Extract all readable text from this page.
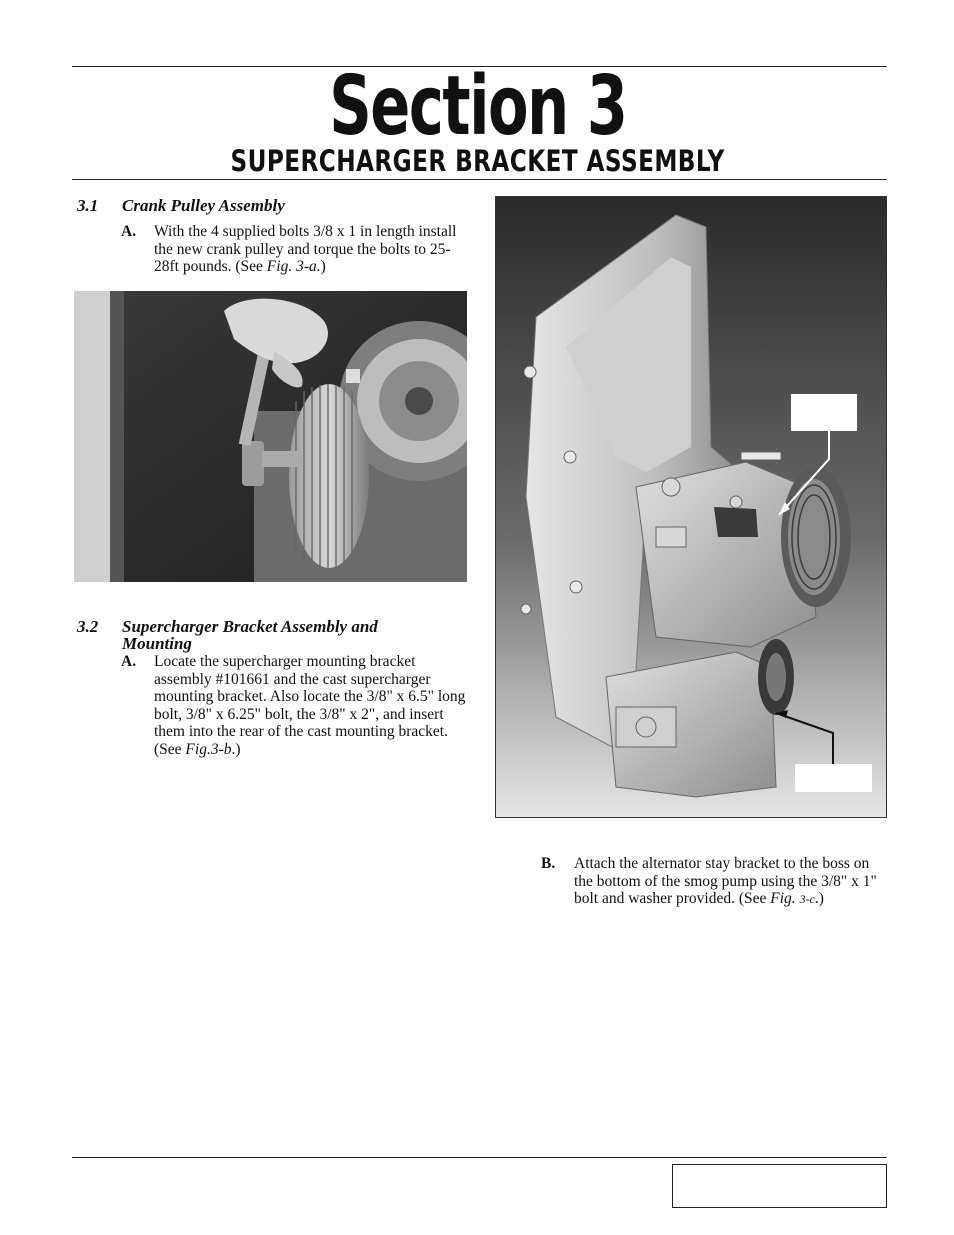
Section 3
SUPERCHARGER BRACKET ASSEMBLY
3.1 Crank Pulley Assembly
A. With the 4 supplied bolts 3/8 x 1 in length install the new crank pulley and torque the bolts to 25-28ft pounds. (See Fig. 3-a.)
3.2 Supercharger Bracket Assembly and Mounting
A. Locate the supercharger mounting bracket assembly #101661 and the cast supercharger mounting bracket. Also locate the 3/8" x 6.5" long bolt, 3/8" x 6.25" bolt, the 3/8" x 2", and insert them into the rear of the cast mounting bracket. (See Fig.3-b.)
B. Attach the alternator stay bracket to the boss on the bottom of the smog pump using the 3/8" x 1" bolt and washer provided. (See Fig. 3-c.)
